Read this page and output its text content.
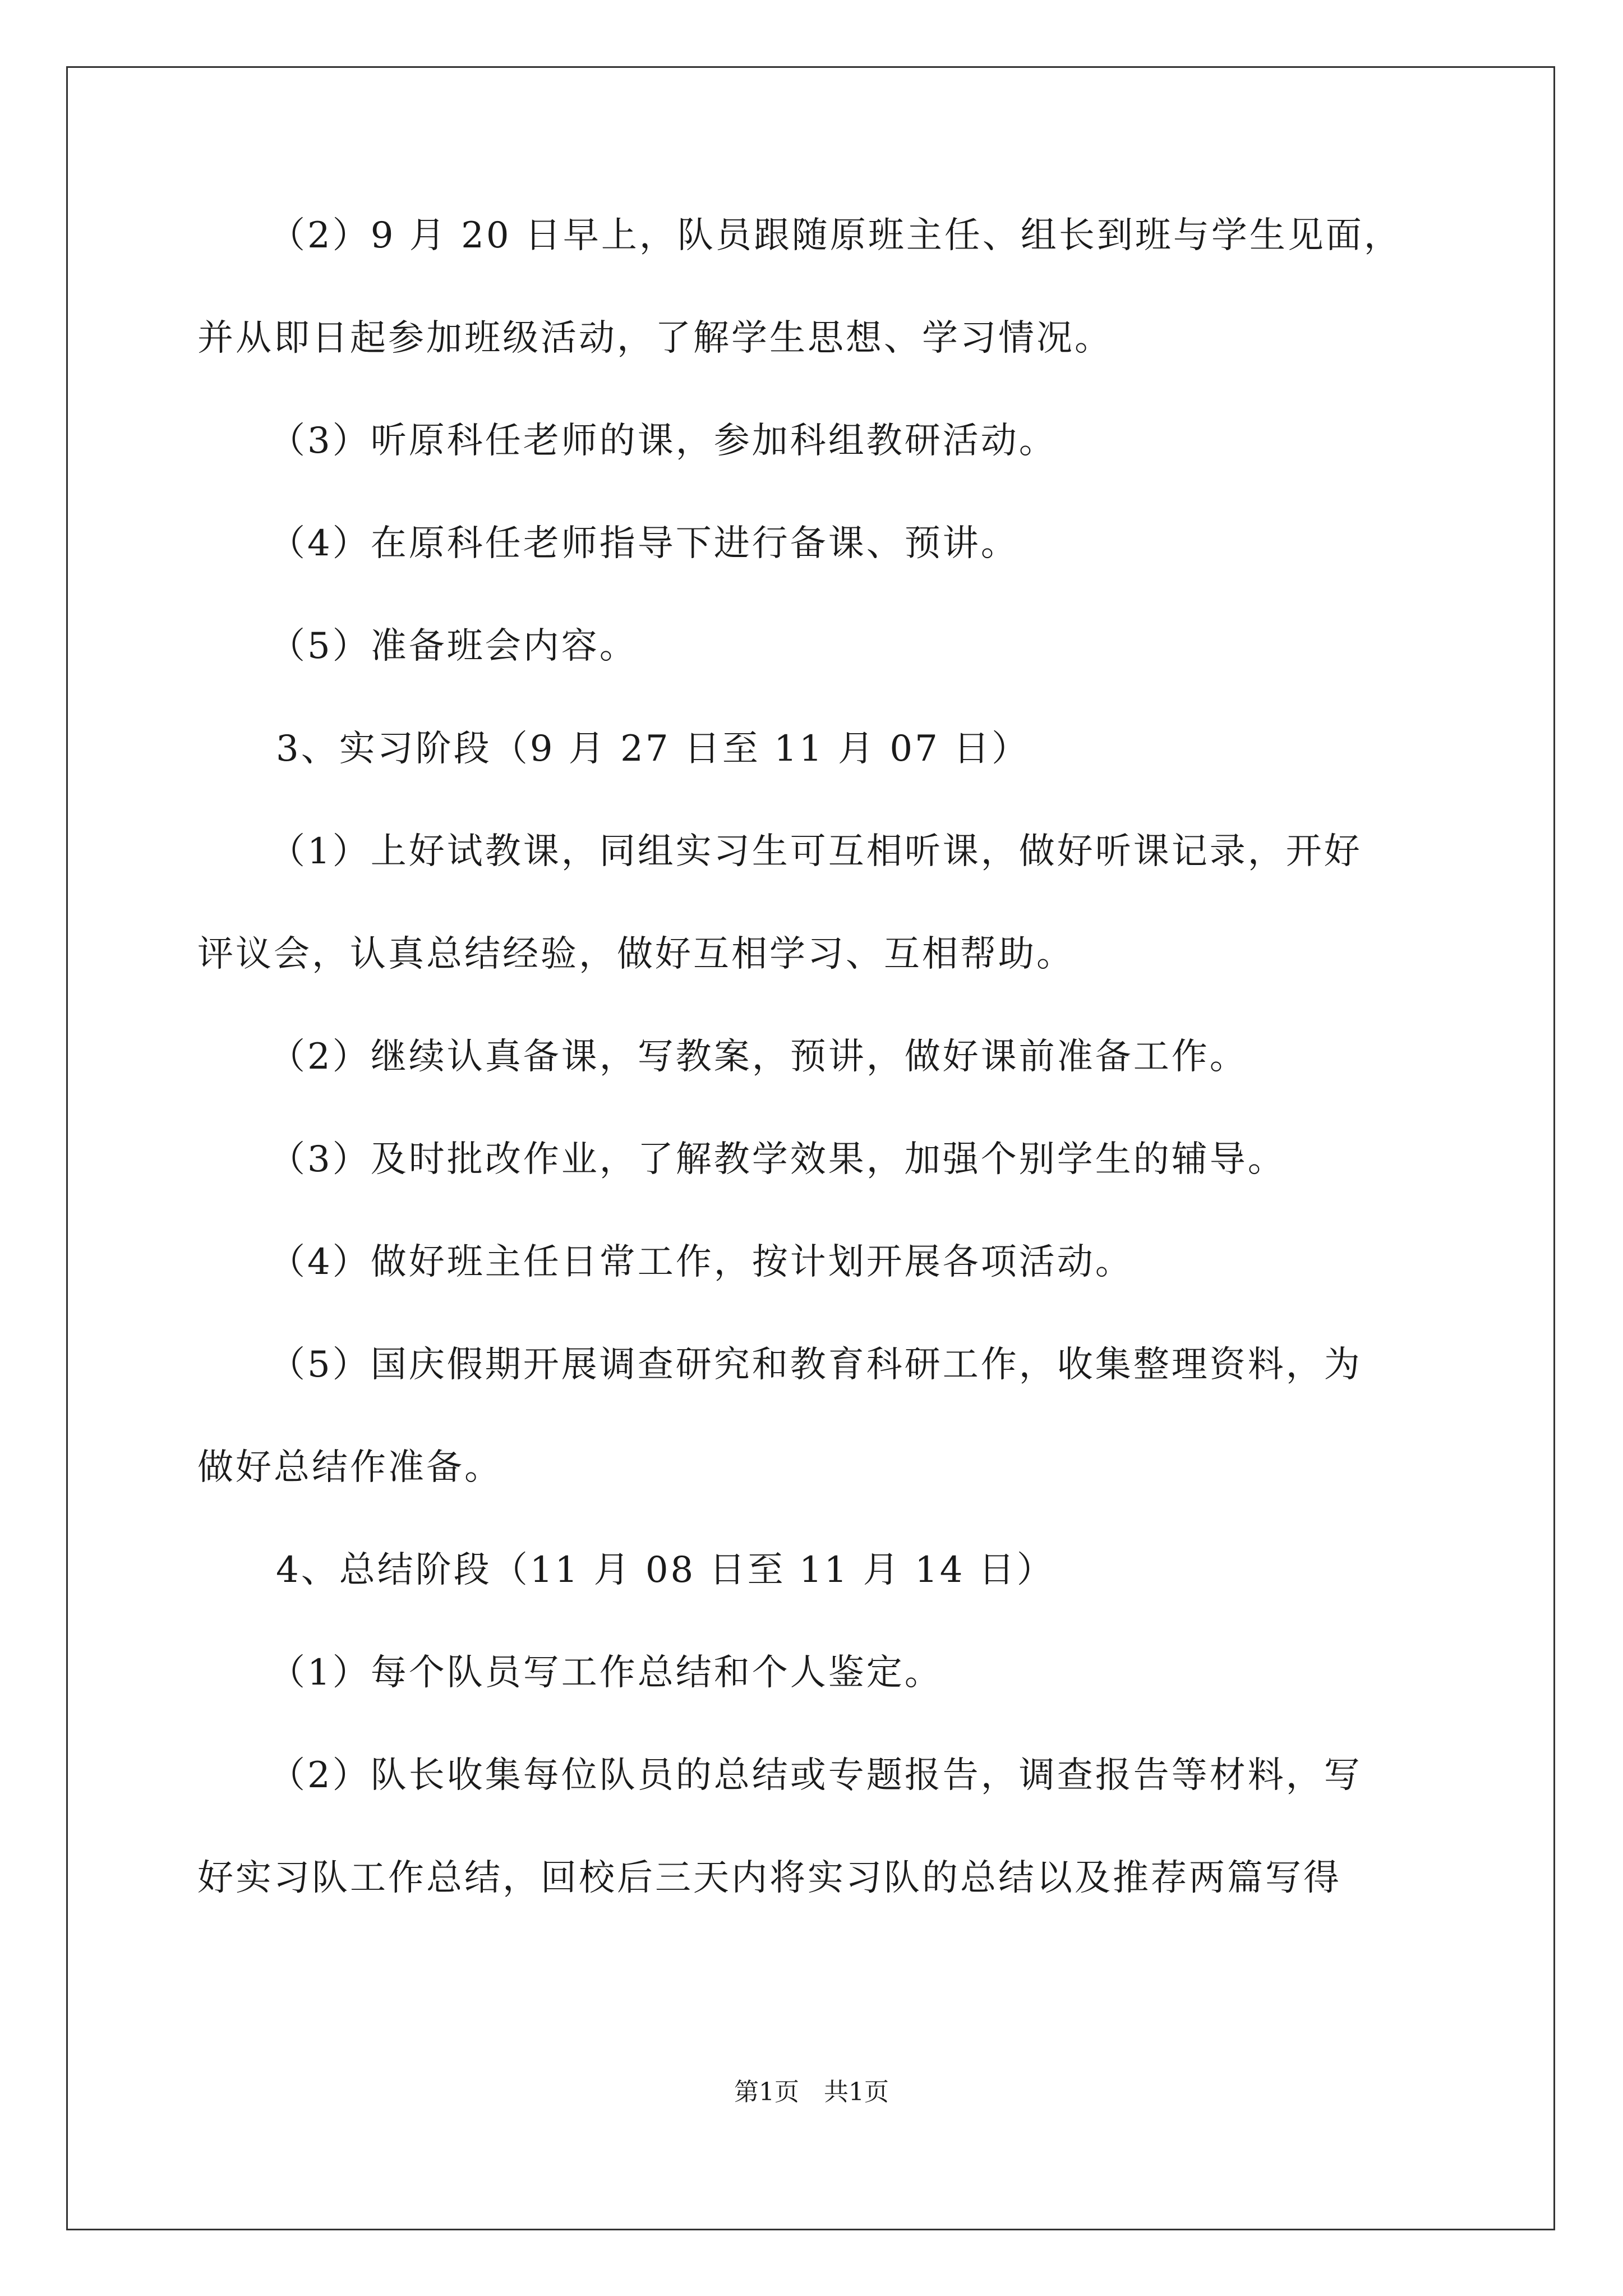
（2）9 月 20 日早上，队员跟随原班主任、组长到班与学生见面，
并从即日起参加班级活动，了解学生思想、学习情况。
（3）听原科任老师的课，参加科组教研活动。
（4）在原科任老师指导下进行备课、预讲。
（5）准备班会内容。
3、实习阶段（9 月 27 日至 11 月 07 日）
（1）上好试教课，同组实习生可互相听课，做好听课记录，开好
评议会，认真总结经验，做好互相学习、互相帮助。
（2）继续认真备课，写教案，预讲，做好课前准备工作。
（3）及时批改作业，了解教学效果，加强个别学生的辅导。
（4）做好班主任日常工作，按计划开展各项活动。
（5）国庆假期开展调查研究和教育科研工作，收集整理资料，为
做好总结作准备。
4、总结阶段（11 月 08 日至 11 月 14 日）
（1）每个队员写工作总结和个人鉴定。
（2）队长收集每位队员的总结或专题报告，调查报告等材料，写
好实习队工作总结，回校后三天内将实习队的总结以及推荐两篇写得
第1页　共1页
